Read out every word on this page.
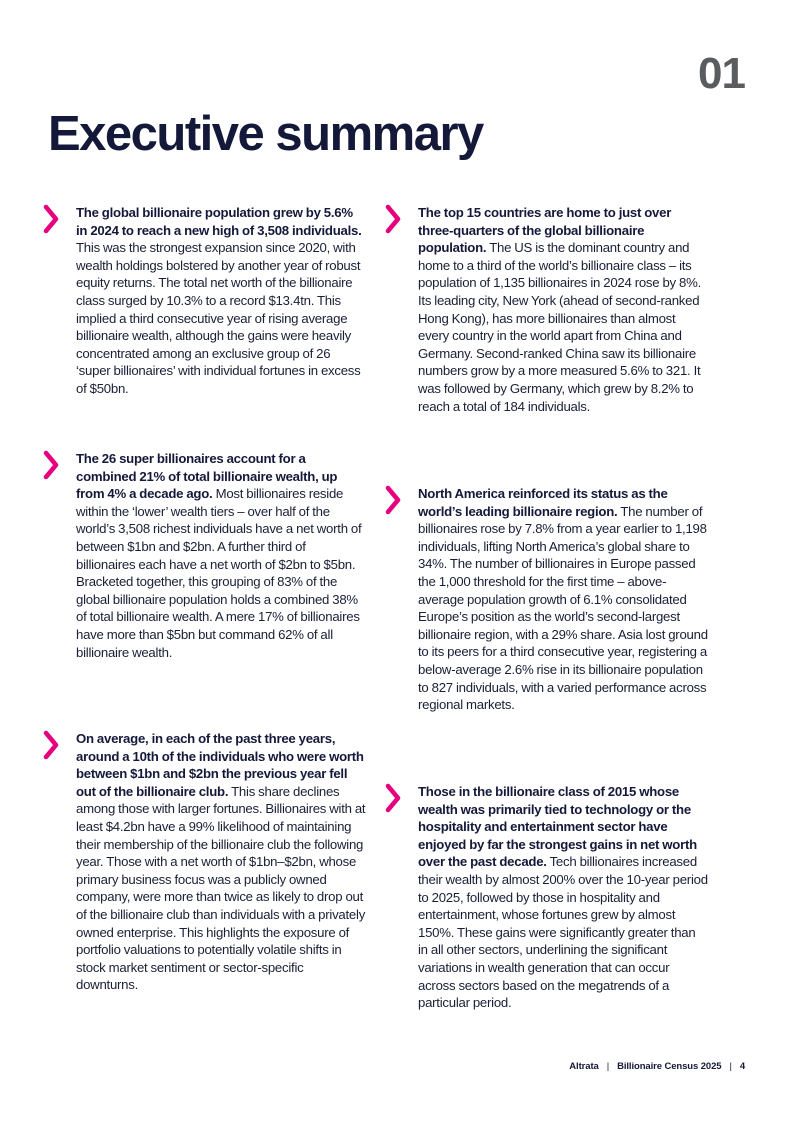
01
Executive summary

The global billionaire population grew by 5.6% in 2024 to reach a new high of 3,508 individuals. This was the strongest expansion since 2020, with wealth holdings bolstered by another year of robust equity returns. The total net worth of the billionaire class surged by 10.3% to a record $13.4tn. This implied a third consecutive year of rising average billionaire wealth, although the gains were heavily concentrated among an exclusive group of 26 ‘super billionaires’ with individual fortunes in excess of $50bn.

The 26 super billionaires account for a combined 21% of total billionaire wealth, up from 4% a decade ago. Most billionaires reside within the ‘lower’ wealth tiers – over half of the world’s 3,508 richest individuals have a net worth of between $1bn and $2bn. A further third of billionaires each have a net worth of $2bn to $5bn. Bracketed together, this grouping of 83% of the global billionaire population holds a combined 38% of total billionaire wealth. A mere 17% of billionaires have more than $5bn but command 62% of all billionaire wealth.

On average, in each of the past three years, around a 10th of the individuals who were worth between $1bn and $2bn the previous year fell out of the billionaire club. This share declines among those with larger fortunes. Billionaires with at least $4.2bn have a 99% likelihood of maintaining their membership of the billionaire club the following year. Those with a net worth of $1bn–$2bn, whose primary business focus was a publicly owned company, were more than twice as likely to drop out of the billionaire club than individuals with a privately owned enterprise. This highlights the exposure of portfolio valuations to potentially volatile shifts in stock market sentiment or sector-specific downturns.

The top 15 countries are home to just over three-quarters of the global billionaire population. The US is the dominant country and home to a third of the world’s billionaire class – its population of 1,135 billionaires in 2024 rose by 8%. Its leading city, New York (ahead of second-ranked Hong Kong), has more billionaires than almost every country in the world apart from China and Germany. Second-ranked China saw its billionaire numbers grow by a more measured 5.6% to 321. It was followed by Germany, which grew by 8.2% to reach a total of 184 individuals.

North America reinforced its status as the world’s leading billionaire region. The number of billionaires rose by 7.8% from a year earlier to 1,198 individuals, lifting North America’s global share to 34%. The number of billionaires in Europe passed the 1,000 threshold for the first time – above-average population growth of 6.1% consolidated Europe’s position as the world’s second-largest billionaire region, with a 29% share. Asia lost ground to its peers for a third consecutive year, registering a below-average 2.6% rise in its billionaire population to 827 individuals, with a varied performance across regional markets.

Those in the billionaire class of 2015 whose wealth was primarily tied to technology or the hospitality and entertainment sector have enjoyed by far the strongest gains in net worth over the past decade. Tech billionaires increased their wealth by almost 200% over the 10-year period to 2025, followed by those in hospitality and entertainment, whose fortunes grew by almost 150%. These gains were significantly greater than in all other sectors, underlining the significant variations in wealth generation that can occur across sectors based on the megatrends of a particular period.

Altrata | Billionaire Census 2025 | 4
